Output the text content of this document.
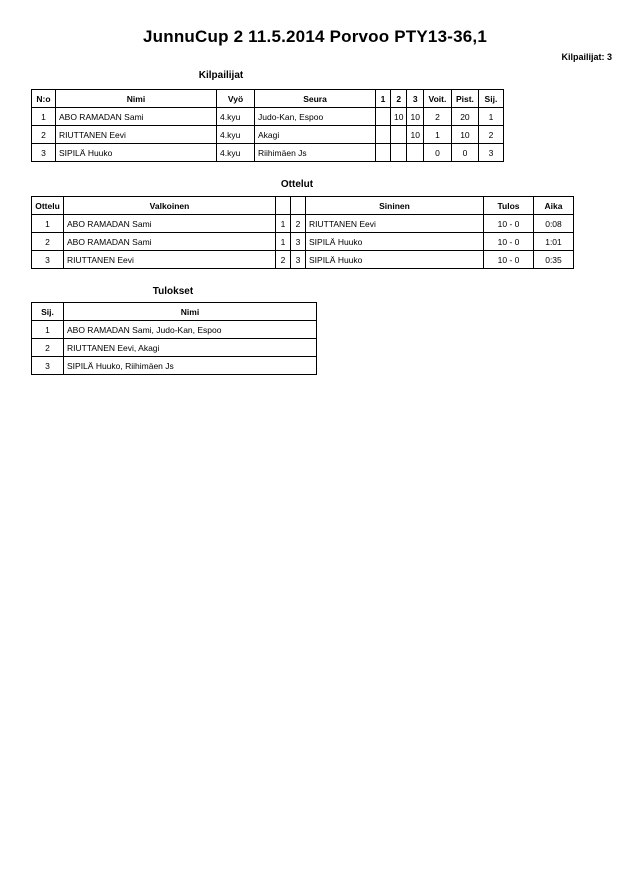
JunnuCup 2 11.5.2014 Porvoo PTY13-36,1
Kilpailijat: 3
Kilpailijat
N:o	Nimi	Vyö	Seura	1	2	3	Voit.	Pist.	Sij.
1	ABO RAMADAN Sami	4.kyu	Judo-Kan, Espoo		10	10	2	20	1
2	RIUTTANEN Eevi	4.kyu	Akagi			10	1	10	2
3	SIPILÄ Huuko	4.kyu	Riihimäen Js				0	0	3
Ottelut
Ottelu	Valkoinen			Sininen	Tulos	Aika
1	ABO RAMADAN Sami	1	2	RIUTTANEN Eevi	10 - 0	0:08
2	ABO RAMADAN Sami	1	3	SIPILÄ Huuko	10 - 0	1:01
3	RIUTTANEN Eevi	2	3	SIPILÄ Huuko	10 - 0	0:35
Tulokset
Sij.	Nimi
1	ABO RAMADAN Sami, Judo-Kan, Espoo
2	RIUTTANEN Eevi, Akagi
3	SIPILÄ Huuko, Riihimäen Js
